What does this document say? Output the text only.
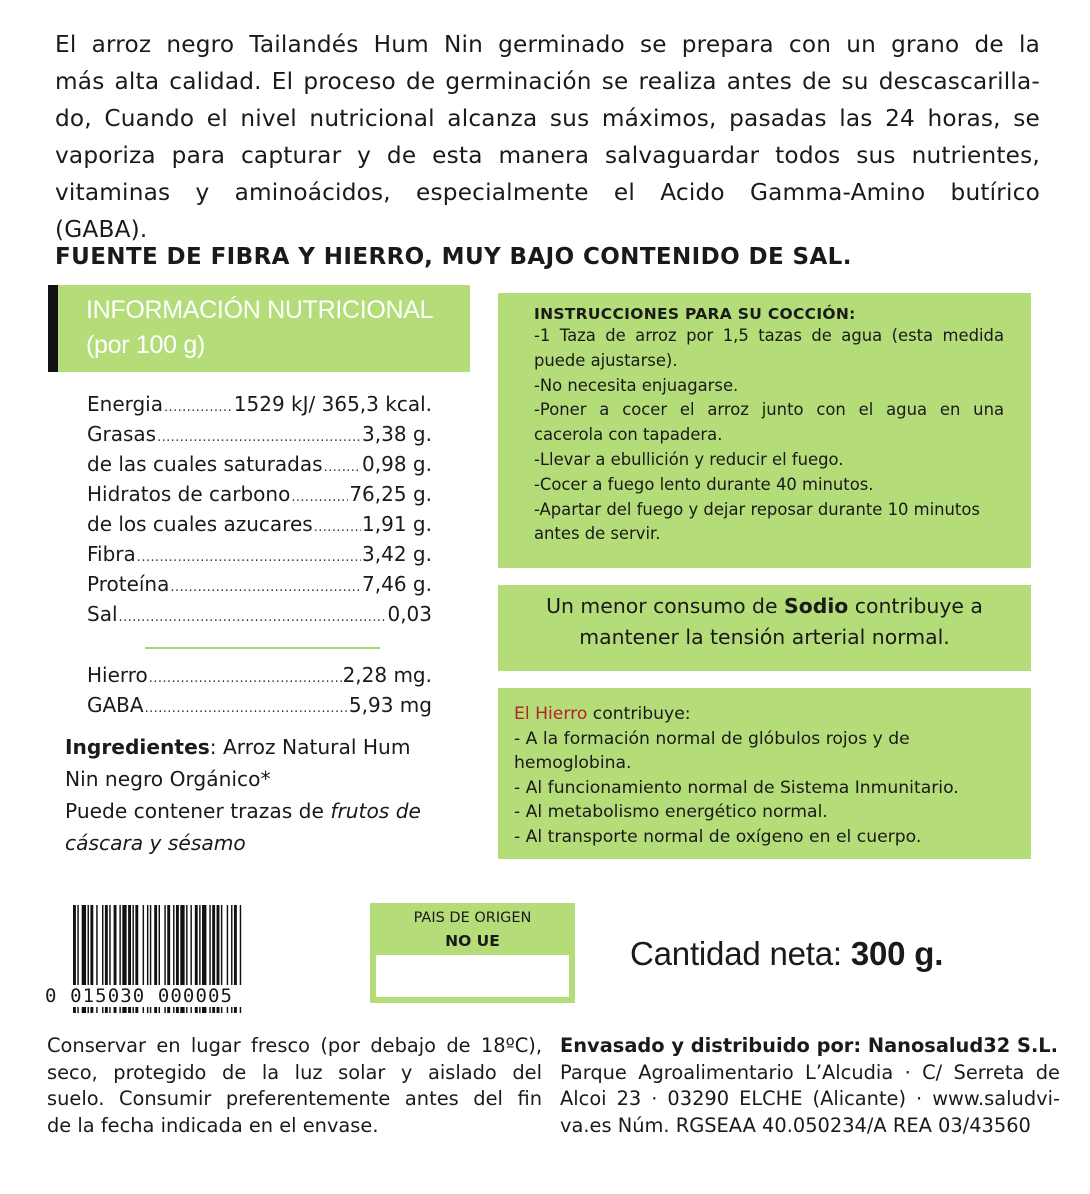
El arroz negro Tailandés Hum Nin germinado se prepara con un grano de la
más alta calidad. El proceso de germinación se realiza antes de su descascarilla-
do, Cuando el nivel nutricional alcanza sus máximos, pasadas las 24 horas, se
vaporiza para capturar y de esta manera salvaguardar todos sus nutrientes,
vitaminas y aminoácidos, especialmente el Acido Gamma-Amino butírico
(GABA).
FUENTE DE FIBRA Y HIERRO, MUY BAJO CONTENIDO DE SAL.
INFORMACIÓN NUTRICIONAL
(por 100 g)
Energia .....	1529 kJ/ 365,3 kcal.
Grasas .....	3,38 g.
de las cuales saturadas ..... 0,98 g.
Hidratos de carbono .....	76,25 g.
de los cuales azucares ..... 1,91 g.
Fibra .....	3,42 g.
Proteína .....	7,46 g.
Sal .....	0,03
Hierro .....	2,28 mg.
GABA .....	5,93 mg
Ingredientes: Arroz Natural Hum
Nin negro Orgánico*
Puede contener trazas de frutos de
cáscara y sésamo
INSTRUCCIONES PARA SU COCCIÓN:
-1 Taza de arroz por 1,5 tazas de agua (esta medida
puede ajustarse).
-No necesita enjuagarse.
-Poner a cocer el arroz junto con el agua en una
cacerola con tapadera.
-Llevar a ebullición y reducir el fuego.
-Cocer a fuego lento durante 40 minutos.
-Apartar del fuego y dejar reposar durante 10 minutos
antes de servir.
Un menor consumo de Sodio contribuye a
mantener la tensión arterial normal.
El Hierro contribuye:
- A la formación normal de glóbulos rojos y de
hemoglobina.
- Al funcionamiento normal de Sistema Inmunitario.
- Al metabolismo energético normal.
- Al transporte normal de oxígeno en el cuerpo.
0 015030 000005
PAIS DE ORIGEN
NO UE	Cantidad neta: 300 g.
Conservar en lugar fresco (por debajo de 18ºC),
seco, protegido de la luz solar y aislado del
suelo. Consumir preferentemente antes del fin
de la fecha indicada en el envase.
Envasado y distribuido por: Nanosalud32 S.L.
Parque Agroalimentario L’Alcudia · C/ Serreta de
Alcoi 23 · 03290 ELCHE (Alicante) · www.saludvi-
va.es Núm. RGSEAA 40.050234/A REA 03/43560
